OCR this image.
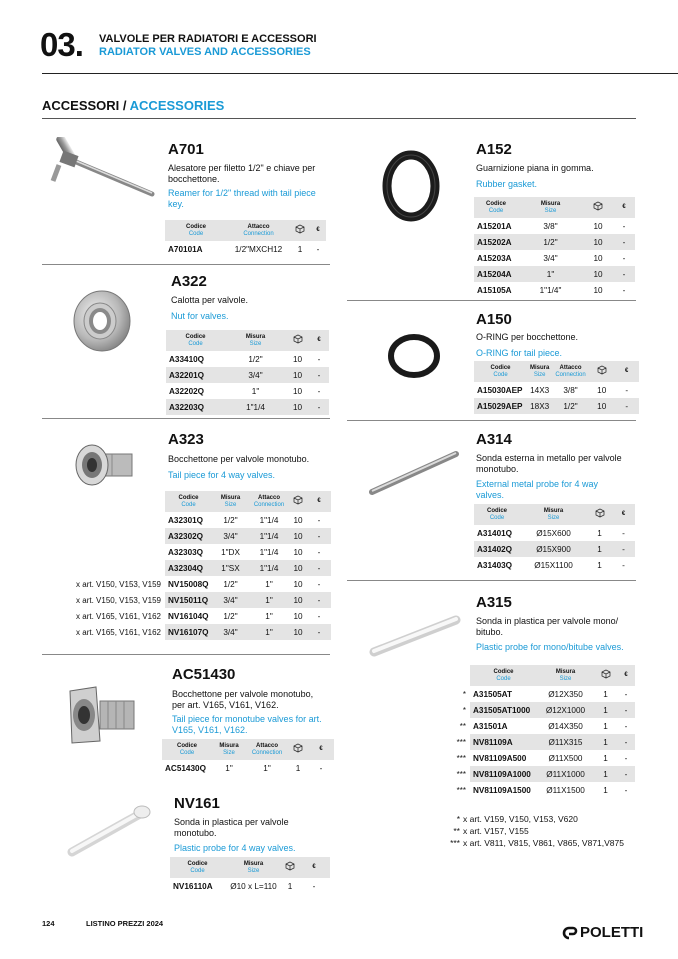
03. VALVOLE PER RADIATORI E ACCESSORI
RADIATOR VALVES AND ACCESSORIES
ACCESSORI / ACCESSORIES
A701
Alesatore per filetto 1/2" e chiave per bocchettone.
Reamer for 1/2" thread with tail piece key.
Codice
Code	Attacco
Connection		€
A70101A	1/2"MXCH12	1	-
A322
Calotta per valvole.
Nut for valves.
Codice
Code	Misura
Size		€
A33410Q	1/2"	10	-
A32201Q	3/4"	10	-
A32202Q	1"	10	-
A32203Q	1"1/4	10	-
A323
Bocchettone per valvole monotubo.
Tail piece for 4 way valves.
	Codice
Code	Misura
Size	Attacco
Connection		€
	A32301Q	1/2"	1"1/4	10	-
	A32302Q	3/4"	1"1/4	10	-
	A32303Q	1"DX	1"1/4	10	-
	A32304Q	1"SX	1"1/4	10	-
x art. V150, V153, V159	NV15008Q	1/2"	1"	10	-
x art. V150, V153, V159	NV15011Q	3/4"	1"	10	-
x art. V165, V161, V162	NV16104Q	1/2"	1"	10	-
x art. V165, V161, V162	NV16107Q	3/4"	1"	10	-
AC51430
Bocchettone per valvole monotubo, per art. V165, V161, V162.
Tail piece for monotube valves for art. V165, V161, V162.
Codice
Code	Misura
Size	Attacco
Connection		€
AC51430Q	1"	1"	1	-
NV161
Sonda in plastica per valvole monotubo.
Plastic probe for 4 way valves.
Codice
Code	Misura
Size		€
NV16110A	Ø10 x L=110	1	-
A152
Guarnizione piana in gomma.
Rubber gasket.
Codice
Code	Misura
Size		€
A15201A	3/8"	10	-
A15202A	1/2"	10	-
A15203A	3/4"	10	-
A15204A	1"	10	-
A15105A	1"1/4"	10	-
A150
O-RING per bocchettone.
O-RING for tail piece.
Codice
Code	Misura
Size	Attacco
Connection		€
A15030AEP	14X3	3/8"	10	-
A15029AEP	18X3	1/2"	10	-
A314
Sonda esterna in metallo per valvole monotubo.
External metal probe for 4 way valves.
Codice
Code	Misura
Size		€
A31401Q	Ø15X600	1	-
A31402Q	Ø15X900	1	-
A31403Q	Ø15X1100	1	-
A315
Sonda in plastica per valvole mono/ bitubo.
Plastic probe for mono/bitube valves.
	Codice
Code	Misura
Size		€
*	A31505AT	Ø12X350	1	-
*	A31505AT1000	Ø12X1000	1	-
**	A31501A	Ø14X350	1	-
***	NV81109A	Ø11X315	1	-
***	NV81109A500	Ø11X500	1	-
***	NV81109A1000	Ø11X1000	1	-
***	NV81109A1500	Ø11X1500	1	-
* x art. V159, V150, V153, V620
** x art. V157, V155
*** x art. V811, V815, V861, V865, V871,V875
124	LISTINO PREZZI 2024
POLETTI
